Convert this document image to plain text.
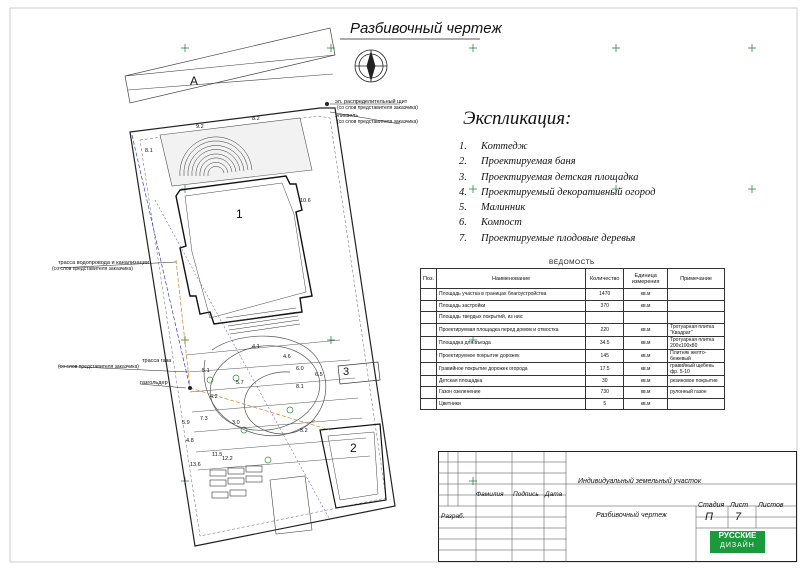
Разбивочный чертеж
А
1
2
3
9.2
8.2
8.1
10.6
4.1
4.6
5.1
5.7
4.2
6.0
6.5
8.1
5.9
7.3
3.0
4.8
5.2
11.5
13.6
12.2
эл. распределительный щит
(со слов представителя заказчика)
эликвель
(со слов представителя заказчика)
трасса водопровода и канализации
(со слов представителя заказчика)
трасса газа
(со слов представителя заказчика)
газгольдер
Экспликация:
1. Коттедж
2. Проектируемая баня
3. Проектируемая детская площадка
4. Проектируемый декоративный огород
5. Малинник
6. Компост
7. Проектируемые плодовые деревья
ВЕДОМОСТЬ
Поз.	Наименование	Количество	Единица измерения	Примечание
	Площадь участка в границах благоустройства	1470	кв.м	
	Площадь застройки	370	кв.м	
	Площадь твердых покрытий, из них:			
	Проектируемая площадка перед домом и отмостка	220	кв.м	Тротуарная плитка "Квадрат"
	Площадка для въезда	34.5	кв.м	Тротуарная плитка 200x100x80
	Проектируемое покрытие дорожек	145	кв.м	Плитняк желто-бежевый
	Гравийное покрытие дорожек огорода	17.5	кв.м	гравийный щебень фр. 5-10
	Детская площадка	30	кв.м	резиновое покрытие
	Газон озеленение	730	кв.м	рулонный газон
	Цветники	5	кв.м	
Индивидуальный земельный участок
Разбивочный чертеж
Фамилия Подпись Дата
Разраб.
Стадия Лист Листов
П 7
РУССКИЕ
ДИЗАЙН
